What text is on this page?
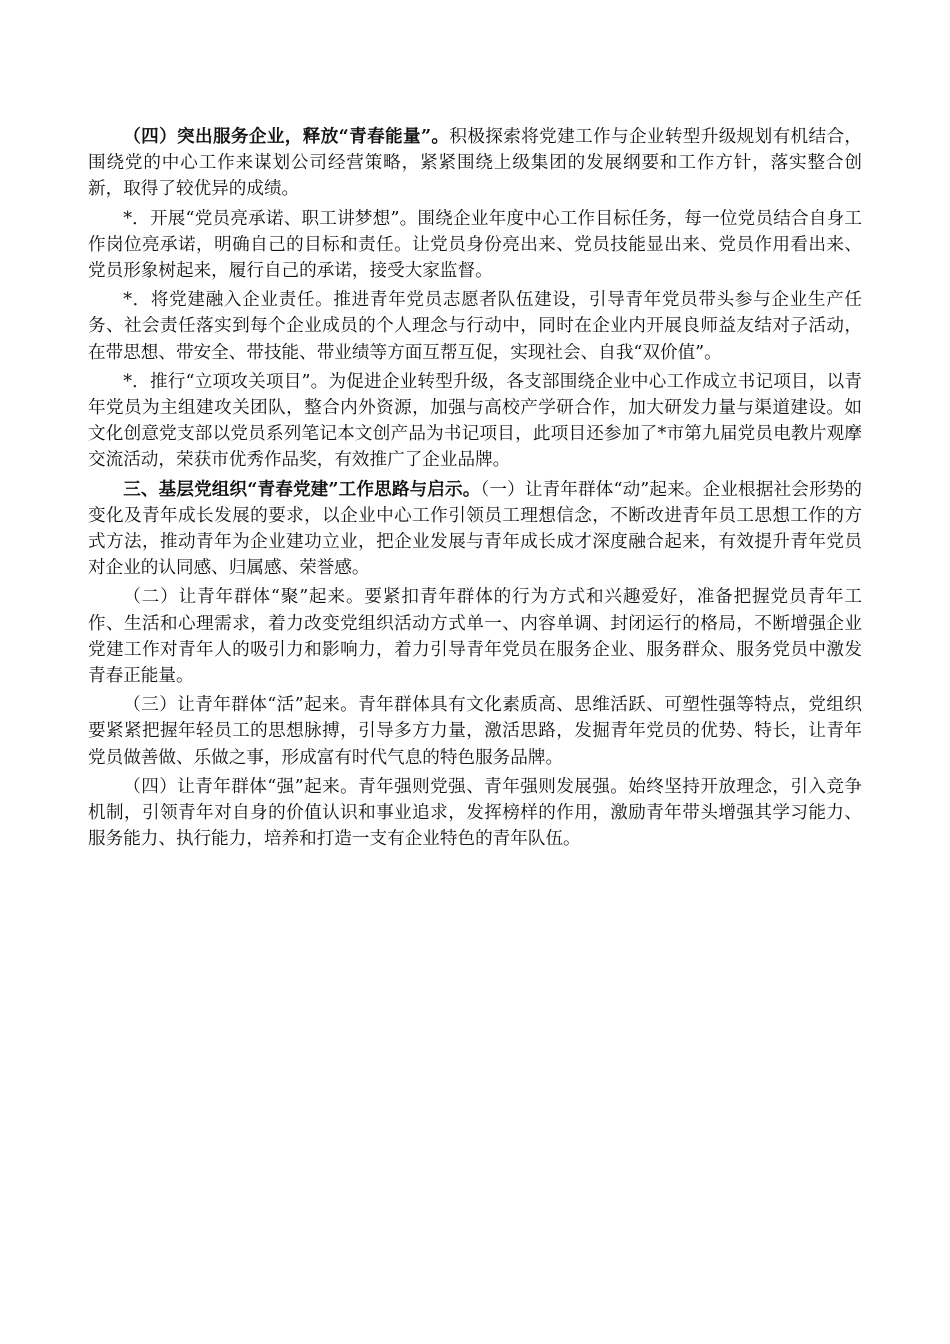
（四）突出服务企业，释放“青春能量”。积极探索将党建工作与企业转型升级规划有机结合，围绕党的中心工作来谋划公司经营策略，紧紧围绕上级集团的发展纲要和工作方针，落实整合创新，取得了较优异的成绩。

*．开展“党员亮承诺、职工讲梦想”。围绕企业年度中心工作目标任务，每一位党员结合自身工作岗位亮承诺，明确自己的目标和责任。让党员身份亮出来、党员技能显出来、党员作用看出来、党员形象树起来，履行自己的承诺，接受大家监督。

*．将党建融入企业责任。推进青年党员志愿者队伍建设，引导青年党员带头参与企业生产任务、社会责任落实到每个企业成员的个人理念与行动中，同时在企业内开展良师益友结对子活动，在带思想、带安全、带技能、带业绩等方面互帮互促，实现社会、自我“双价值”。

*．推行“立项攻关项目”。为促进企业转型升级，各支部围绕企业中心工作成立书记项目，以青年党员为主组建攻关团队，整合内外资源，加强与高校产学研合作，加大研发力量与渠道建设。如文化创意党支部以党员系列笔记本文创产品为书记项目，此项目还参加了*市第九届党员电教片观摩交流活动，荣获市优秀作品奖，有效推广了企业品牌。

三、基层党组织“青春党建”工作思路与启示。（一）让青年群体“动”起来。企业根据社会形势的变化及青年成长发展的要求，以企业中心工作引领员工理想信念，不断改进青年员工思想工作的方式方法，推动青年为企业建功立业，把企业发展与青年成长成才深度融合起来，有效提升青年党员对企业的认同感、归属感、荣誉感。

（二）让青年群体“聚”起来。要紧扣青年群体的行为方式和兴趣爱好，准备把握党员青年工作、生活和心理需求，着力改变党组织活动方式单一、内容单调、封闭运行的格局，不断增强企业党建工作对青年人的吸引力和影响力，着力引导青年党员在服务企业、服务群众、服务党员中激发青春正能量。

（三）让青年群体“活”起来。青年群体具有文化素质高、思维活跃、可塑性强等特点，党组织要紧紧把握年轻员工的思想脉搏，引导多方力量，激活思路，发掘青年党员的优势、特长，让青年党员做善做、乐做之事，形成富有时代气息的特色服务品牌。

（四）让青年群体“强”起来。青年强则党强、青年强则发展强。始终坚持开放理念，引入竞争机制，引领青年对自身的价值认识和事业追求，发挥榜样的作用，激励青年带头增强其学习能力、服务能力、执行能力，培养和打造一支有企业特色的青年队伍。
